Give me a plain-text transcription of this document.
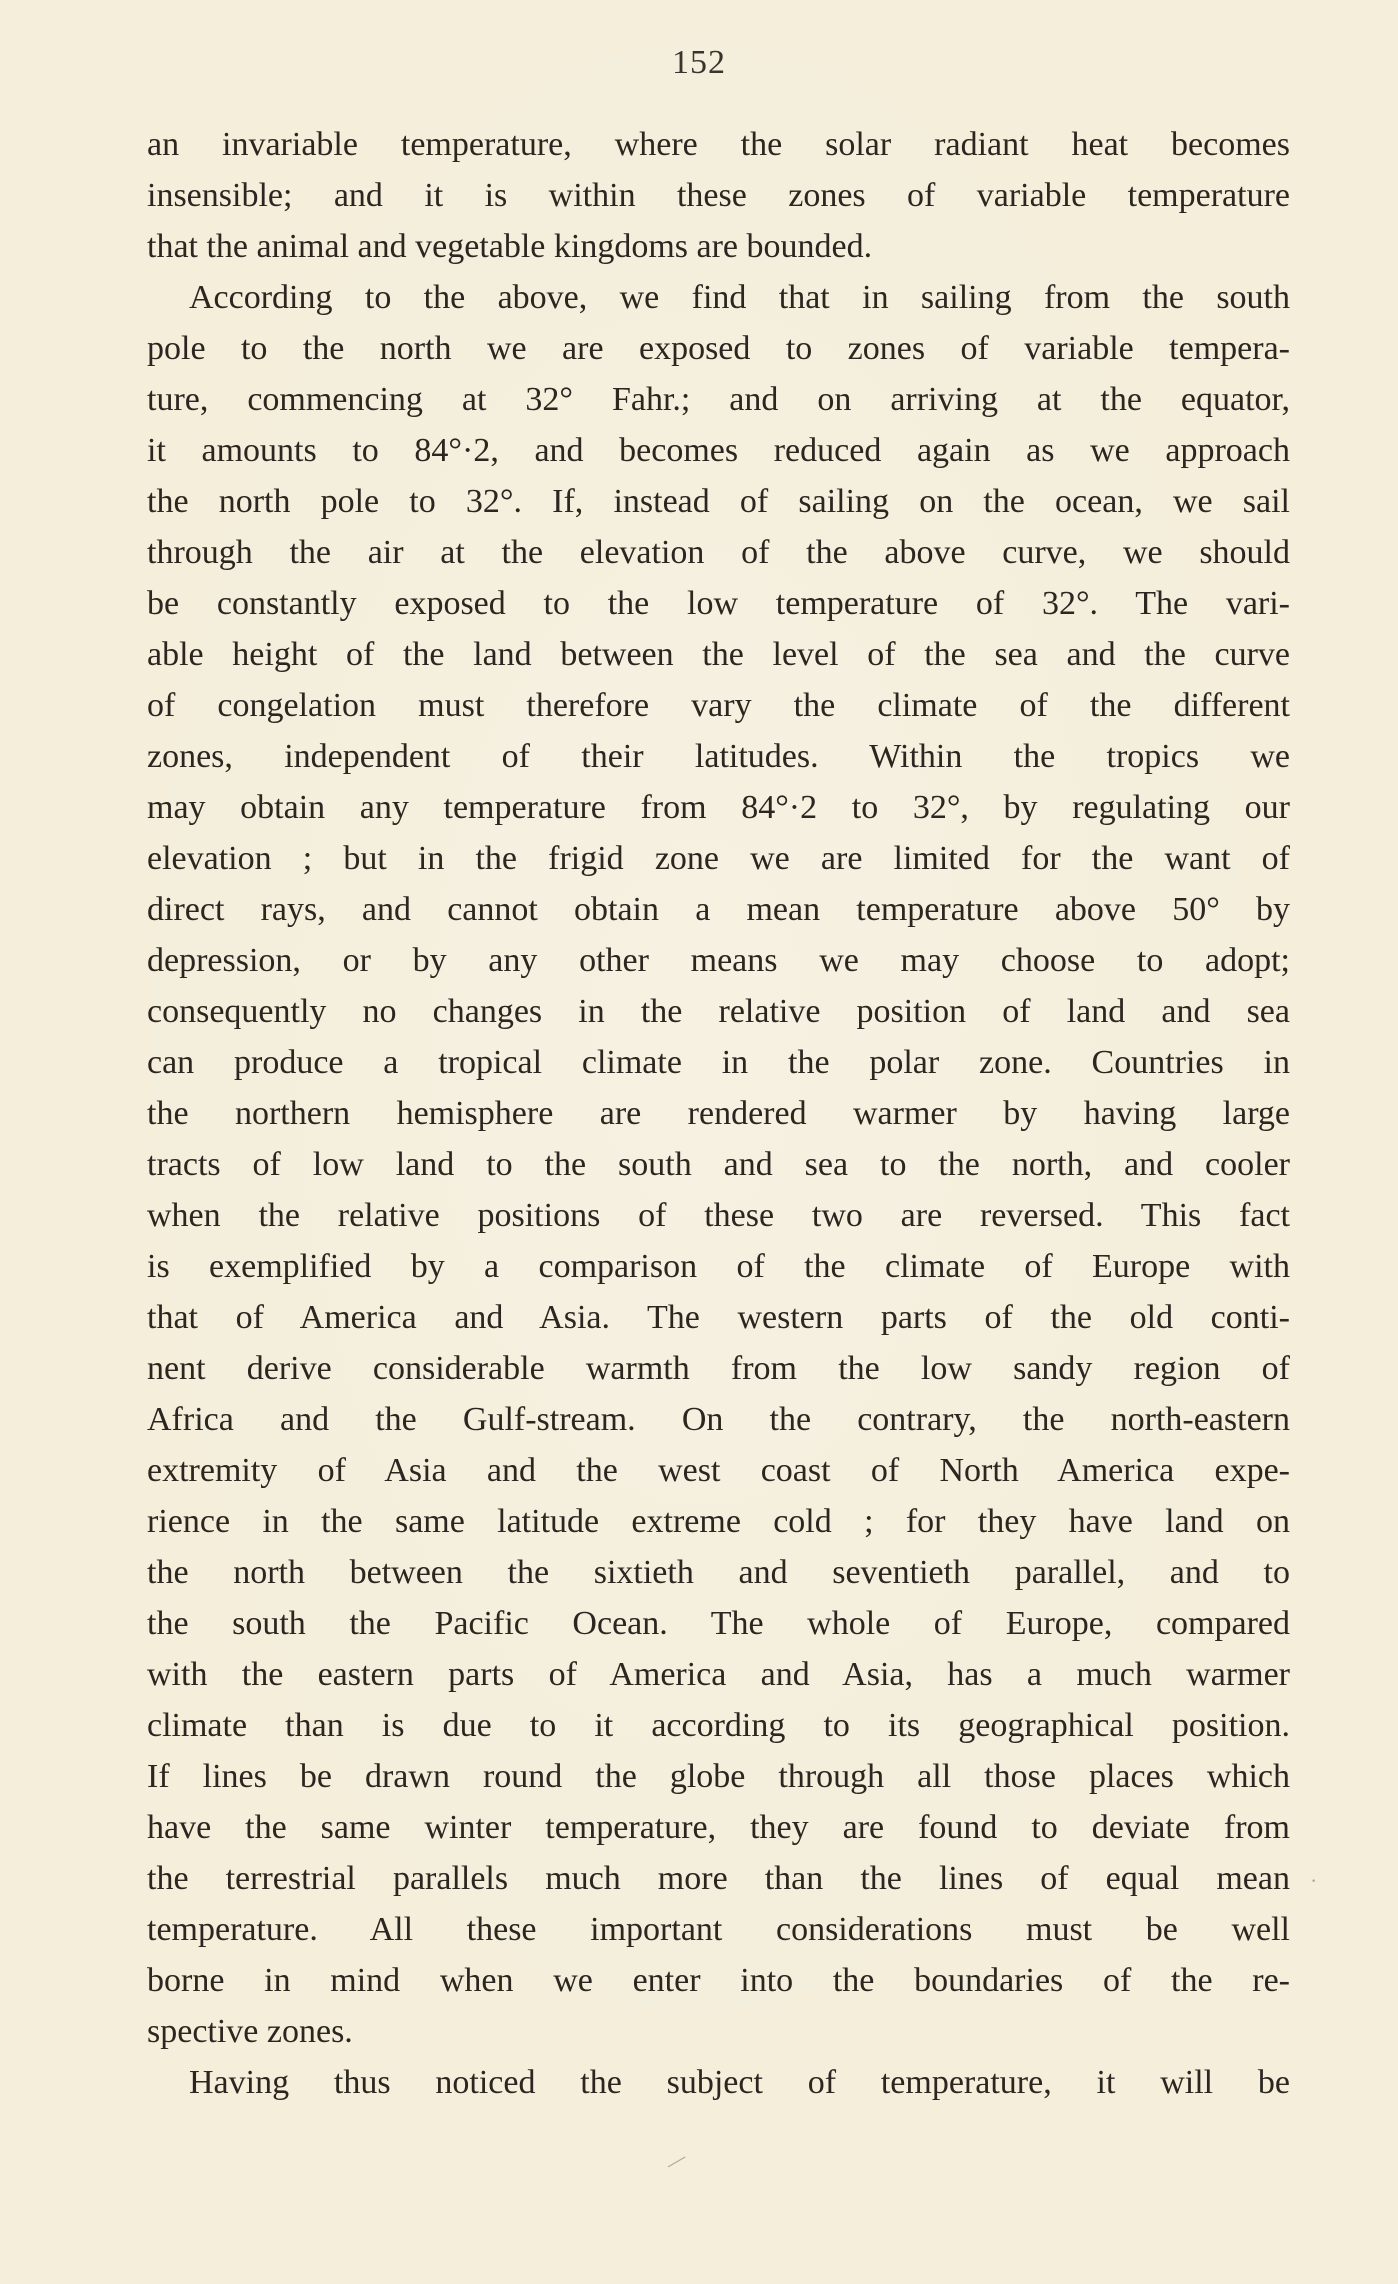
152
an invariable temperature, where the solar radiant heat becomes
insensible; and it is within these zones of variable temperature
that the animal and vegetable kingdoms are bounded.
According to the above, we find that in sailing from the south
pole to the north we are exposed to zones of variable tempera-
ture, commencing at 32° Fahr.; and on arriving at the equator,
it amounts to 84°·2, and becomes reduced again as we approach
the north pole to 32°. If, instead of sailing on the ocean, we sail
through the air at the elevation of the above curve, we should
be constantly exposed to the low temperature of 32°. The vari-
able height of the land between the level of the sea and the curve
of congelation must therefore vary the climate of the different
zones, independent of their latitudes. Within the tropics we
may obtain any temperature from 84°·2 to 32°, by regulating our
elevation ; but in the frigid zone we are limited for the want of
direct rays, and cannot obtain a mean temperature above 50° by
depression, or by any other means we may choose to adopt;
consequently no changes in the relative position of land and sea
can produce a tropical climate in the polar zone. Countries in
the northern hemisphere are rendered warmer by having large
tracts of low land to the south and sea to the north, and cooler
when the relative positions of these two are reversed. This fact
is exemplified by a comparison of the climate of Europe with
that of America and Asia. The western parts of the old conti-
nent derive considerable warmth from the low sandy region of
Africa and the Gulf-stream. On the contrary, the north-eastern
extremity of Asia and the west coast of North America expe-
rience in the same latitude extreme cold ; for they have land on
the north between the sixtieth and seventieth parallel, and to
the south the Pacific Ocean. The whole of Europe, compared
with the eastern parts of America and Asia, has a much warmer
climate than is due to it according to its geographical position.
If lines be drawn round the globe through all those places which
have the same winter temperature, they are found to deviate from
the terrestrial parallels much more than the lines of equal mean
temperature. All these important considerations must be well
borne in mind when we enter into the boundaries of the re-
spective zones.
Having thus noticed the subject of temperature, it will be
·
|
